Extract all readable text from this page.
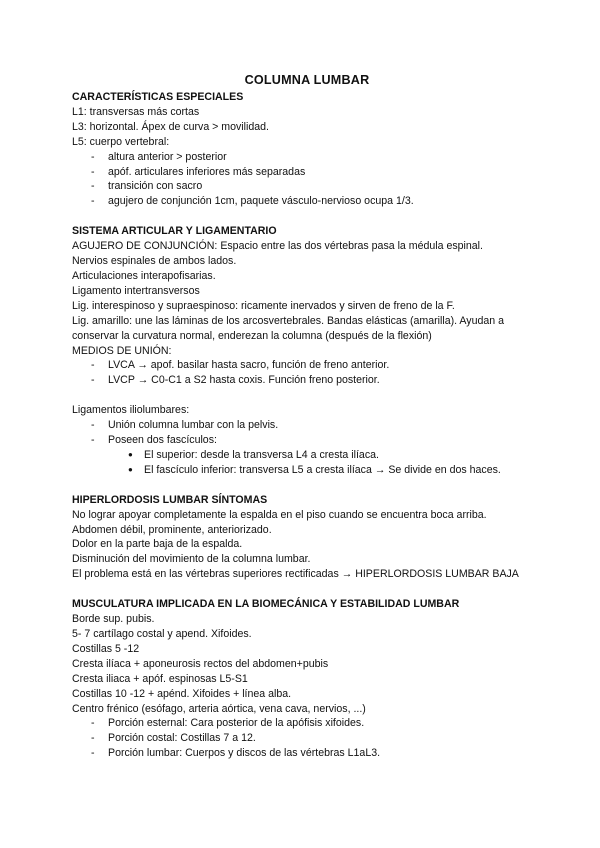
COLUMNA LUMBAR

CARACTERÍSTICAS ESPECIALES

L1: transversas más cortas

L3: horizontal. Ápex de curva > movilidad.

L5: cuerpo vertebral:

- altura anterior > posterior
- apóf. articulares inferiores más separadas
- transición con sacro
- agujero de conjunción 1cm, paquete vásculo-nervioso ocupa 1/3.

SISTEMA ARTICULAR Y LIGAMENTARIO

AGUJERO DE CONJUNCIÓN: Espacio entre las dos vértebras pasa la médula espinal.

Nervios espinales de ambos lados.

Articulaciones interapofisarias.

Ligamento intertransversos

Lig. interespinoso y supraespinoso: ricamente inervados y sirven de freno de la F.

Lig. amarillo: une las láminas de los arcosvertebrales. Bandas elásticas (amarilla). Ayudan a conservar la curvatura normal, enderezan la columna (después de la flexión)

MEDIOS DE UNIÓN:

- LVCA → apof. basilar hasta sacro, función de freno anterior.
- LVCP → C0-C1 a S2 hasta coxis. Función freno posterior.

Ligamentos iliolumbares:

- Unión columna lumbar con la pelvis.
- Poseen dos fascículos:
● El superior: desde la transversa L4 a cresta ilíaca.
● El fascículo inferior: transversa L5 a cresta ilíaca → Se divide en dos haces.

HIPERLORDOSIS LUMBAR SÍNTOMAS

No lograr apoyar completamente la espalda en el piso cuando se encuentra boca arriba.

Abdomen débil, prominente, anteriorizado.

Dolor en la parte baja de la espalda.

Disminución del movimiento de la columna lumbar.

El problema está en las vértebras superiores rectificadas → HIPERLORDOSIS LUMBAR BAJA

MUSCULATURA IMPLICADA EN LA BIOMECÁNICA Y ESTABILIDAD LUMBAR

Borde sup. pubis.

5- 7 cartílago costal y apend. Xifoides.

Costillas 5 -12

Cresta ilíaca + aponeurosis rectos del abdomen+pubis

Cresta iliaca + apóf. espinosas L5-S1

Costillas 10 -12 + apénd. Xifoides + línea alba.

Centro frénico (esófago, arteria aórtica, vena cava, nervios, ...)

- Porción esternal: Cara posterior de la apófisis xifoides.
- Porción costal: Costillas 7 a 12.
- Porción lumbar: Cuerpos y discos de las vértebras L1aL3.
